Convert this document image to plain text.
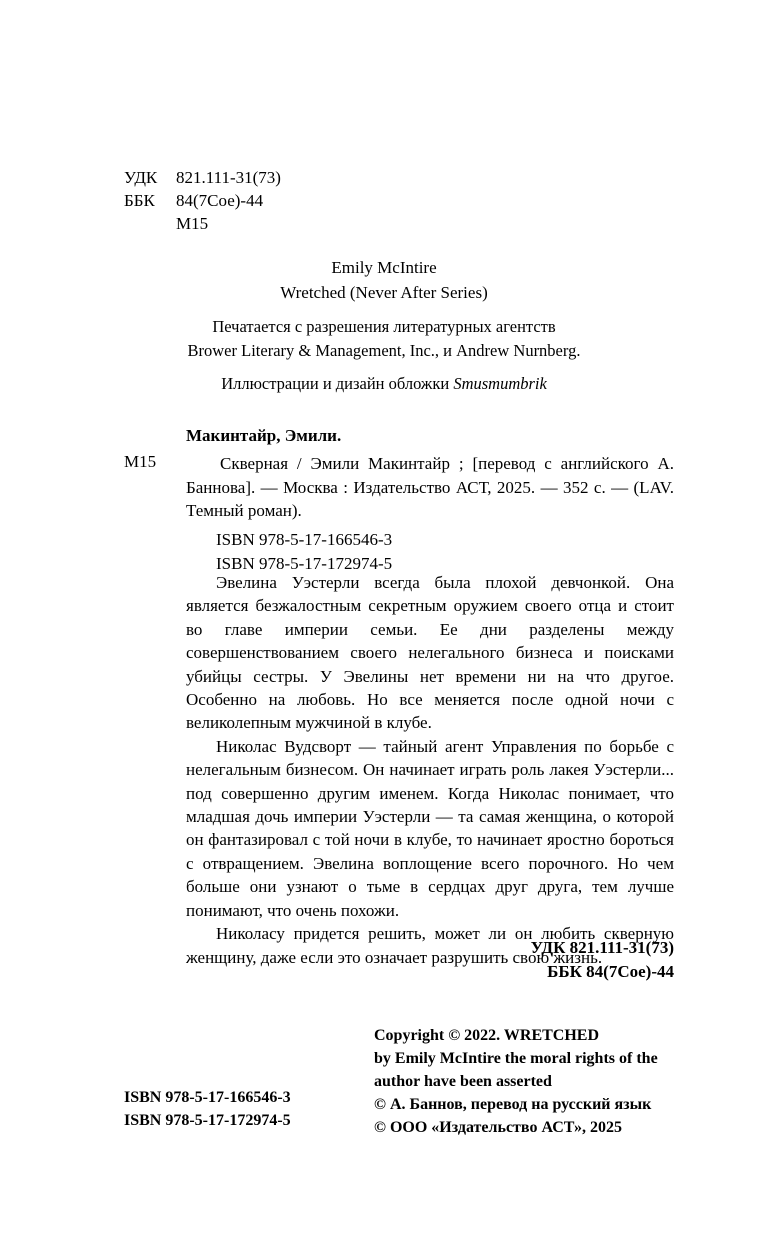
УДК 821.111-31(73)
ББК 84(7Сое)-44
М15
Emily McIntire
Wretched (Never After Series)
Печатается с разрешения литературных агентств
Brower Literary & Management, Inc., и Andrew Nurnberg.
Иллюстрации и дизайн обложки Smusmumbrik
Макинтайр, Эмили.
М15	Скверная / Эмили Макинтайр ; [перевод с английского А. Баннова]. — Москва : Издательство АСТ, 2025. — 352 с. — (LAV. Темный роман).
ISBN 978-5-17-166546-3
ISBN 978-5-17-172974-5

Эвелина Уэстерли всегда была плохой девчонкой. Она является безжалостным секретным оружием своего отца и стоит во главе империи семьи. Ее дни разделены между совершенствованием своего нелегального бизнеса и поисками убийцы сестры. У Эвелины нет времени ни на что другое. Особенно на любовь. Но все меняется после одной ночи с великолепным мужчиной в клубе.

Николас Вудсворт — тайный агент Управления по борьбе с нелегальным бизнесом. Он начинает играть роль лакея Уэстерли... под совершенно другим именем. Когда Николас понимает, что младшая дочь империи Уэстерли — та самая женщина, о которой он фантазировал с той ночи в клубе, то начинает яростно бороться с отвращением. Эвелина воплощение всего порочного. Но чем больше они узнают о тьме в сердцах друг друга, тем лучше понимают, что очень похожи.

Николасу придется решить, может ли он любить скверную женщину, даже если это означает разрушить свою жизнь.

УДК 821.111-31(73)
ББК 84(7Сое)-44
Copyright © 2022. WRETCHED
by Emily McIntire the moral rights of the
author have been asserted
© А. Баннов, перевод на русский язык
© ООО «Издательство АСТ», 2025
ISBN 978-5-17-166546-3
ISBN 978-5-17-172974-5
